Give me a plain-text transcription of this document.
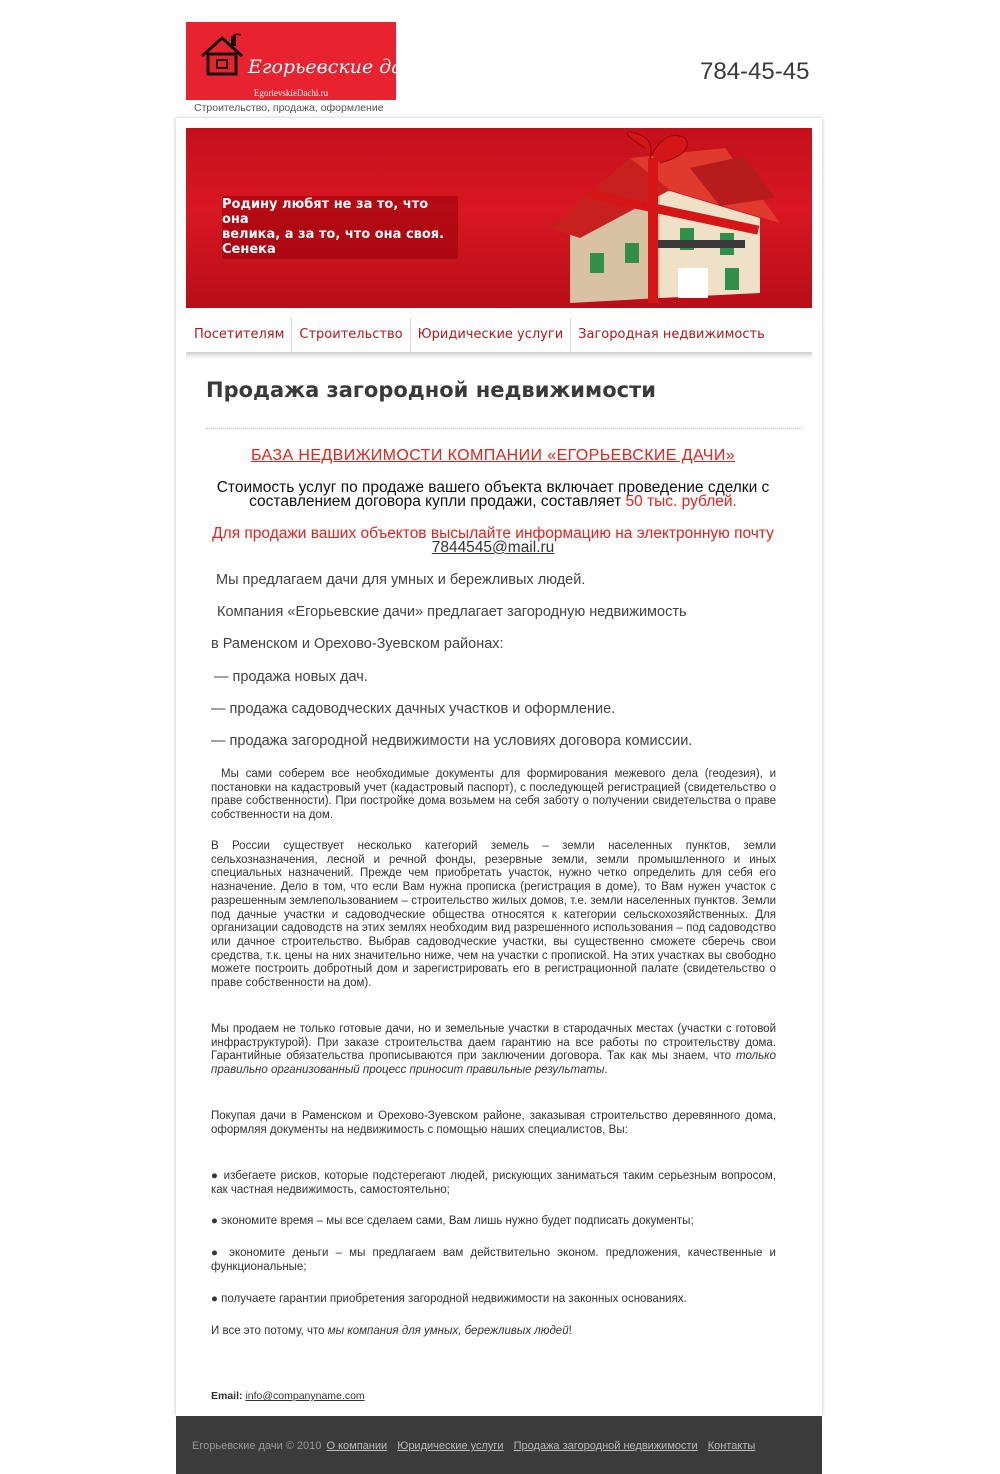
Егорьевские дачи
EgorievskieDachi.ru
Строительство, продажа, оформление
784-45-45
Родину любят не за то, что она
велика, а за то, что она своя.
Сенека
Посетителям	Строительство	Юридические услуги	Загородная недвижимость
Продажа загородной недвижимости
БАЗА НЕДВИЖИМОСТИ КОМПАНИИ «ЕГОРЬЕВСКИЕ ДАЧИ»
Стоимость услуг по продаже вашего объекта включает проведение сделки с составлением договора купли продажи, составляет 50 тыс. рублей.
Для продажи ваших объектов высылайте информацию на электронную почту 7844545@mail.ru
Мы предлагаем дачи для умных и бережливых людей.
Компания «Егорьевские дачи» предлагает загородную недвижимость
в Раменском и Орехово-Зуевском районах:
— продажа новых дач.
— продажа садоводческих дачных участков и оформление.
— продажа загородной недвижимости на условиях договора комиссии.
Мы сами соберем все необходимые документы для формирования межевого дела (геодезия), и постановки на кадастровый учет (кадастровый паспорт), с последующей регистрацией (свидетельство о праве собственности). При постройке дома возьмем на себя заботу о получении свидетельства о праве собственности на дом.
В России существует несколько категорий земель – земли населенных пунктов, земли сельхозназначения, лесной и речной фонды, резервные земли, земли промышленного и иных специальных назначений. Прежде чем приобретать участок, нужно четко определить для себя его назначение. Дело в том, что если Вам нужна прописка (регистрация в доме), то Вам нужен участок с разрешенным землепользованием – строительство жилых домов, т.е. земли населенных пунктов. Земли под дачные участки и садоводческие общества относятся к категории сельскохозяйственных. Для организации садоводств на этих землях необходим вид разрешенного использования – под садоводство или дачное строительство. Выбрав садоводческие участки, вы существенно сможете сберечь свои средства, т.к. цены на них значительно ниже, чем на участки с пропиской. На этих участках вы свободно можете построить добротный дом и зарегистрировать его в регистрационной палате (свидетельство о праве собственности на дом).
Мы продаем не только готовые дачи, но и земельные участки в стародачных местах (участки с готовой инфраструктурой). При заказе строительства даем гарантию на все работы по строительству дома. Гарантийные обязательства прописываются при заключении договора. Так как мы знаем, что только правильно организованный процесс приносит правильные результаты.
Покупая дачи в Раменском и Орехово-Зуевском районе, заказывая строительство деревянного дома, оформляя документы на недвижимость с помощью наших специалистов, Вы:
● избегаете рисков, которые подстерегают людей, рискующих заниматься таким серьезным вопросом, как частная недвижимость, самостоятельно;
● экономите время – мы все сделаем сами, Вам лишь нужно будет подписать документы;
● экономите деньги – мы предлагаем вам действительно эконом. предложения, качественные и функциональные;
● получаете гарантии приобретения загородной недвижимости на законных основаниях.
И все это потому, что мы компания для умных, бережливых людей!
Email: info@companyname.com
Егорьевские дачи © 2010 О компании Юридические услуги Продажа загородной недвижимости Контакты
